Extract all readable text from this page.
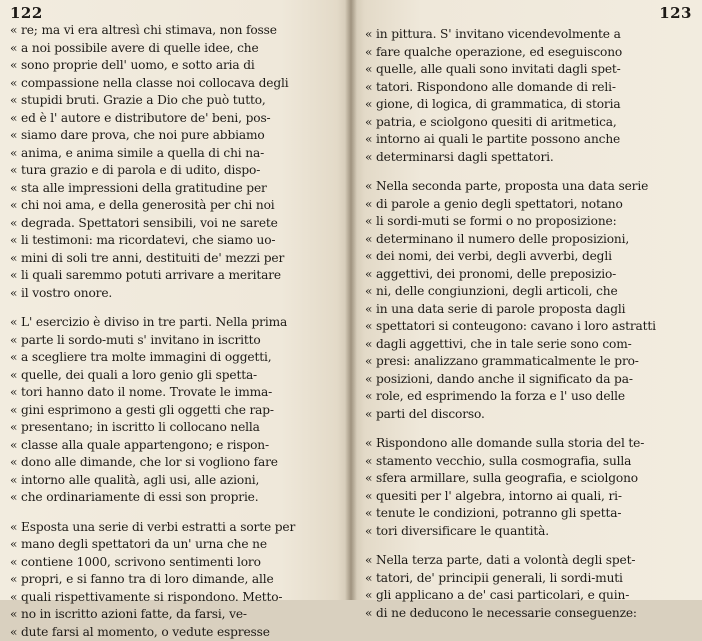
122
« re; ma vi era altresì chi stimava, non fosse
« a noi possibile avere di quelle idee, che
« sono proprie dell' uomo, e sotto aria di
« compassione nella classe noi collocava degli
« stupidi bruti. Grazie a Dio che può tutto,
« ed è l' autore e distributore de' beni, pos-
« siamo dare prova, che noi pure abbiamo
« anima, e anima simile a quella di chi na-
« tura grazio e di parola e di udito, dispo-
« sta alle impressioni della gratitudine per
« chi noi ama, e della generosità per chi noi
« degrada. Spettatori sensibili, voi ne sarete
« li testimoni: ma ricordatevi, che siamo uo-
« mini di soli tre anni, destituiti de' mezzi per
« li quali saremmo potuti arrivare a meritare
« il vostro onore.
« L' esercizio è diviso in tre parti. Nella prima
« parte li sordo-muti s' invitano in iscritto
« a scegliere tra molte immagini di oggetti,
« quelle, dei quali a loro genio gli spetta-
« tori hanno dato il nome. Trovate le imma-
« gini esprimono a gesti gli oggetti che rap-
« presentano; in iscritto li collocano nella
« classe alla quale appartengono; e rispon-
« dono alle dimande, che lor si vogliono fare
« intorno alle qualità, agli usi, alle azioni,
« che ordinariamente di essi son proprie.
« Esposta una serie di verbi estratti a sorte per
« mano degli spettatori da un' urna che ne
« contiene 1000, scrivono sentimenti loro
« propri, e si fanno tra di loro dimande, alle
« quali rispettivamente si rispondono. Metto-
« no in iscritto azioni fatte, da farsi, ve-
« dute farsi al momento, o vedute espresse
123
« in pittura. S' invitano vicendevolmente a
« fare qualche operazione, ed eseguiscono
« quelle, alle quali sono invitati dagli spet-
« tatori. Rispondono alle domande di reli-
« gione, di logica, di grammatica, di storia
« patria, e sciolgono quesiti di aritmetica,
« intorno ai quali le partite possono anche
« determinarsi dagli spettatori.
« Nella seconda parte, proposta una data serie
« di parole a genio degli spettatori, notano
« li sordi-muti se formi o no proposizione:
« determinano il numero delle proposizioni,
« dei nomi, dei verbi, degli avverbi, degli
« aggettivi, dei pronomi, delle preposizio-
« ni, delle congiunzioni, degli articoli, che
« in una data serie di parole proposta dagli
« spettatori si conteugono: cavano i loro astratti
« dagli aggettivi, che in tale serie sono com-
« presi: analizzano grammaticalmente le pro-
« posizioni, dando anche il significato da pa-
« role, ed esprimendo la forza e l' uso delle
« parti del discorso.
« Rispondono alle domande sulla storia del te-
« stamento vecchio, sulla cosmografia, sulla
« sfera armillare, sulla geografia, e sciolgono
« quesiti per l' algebra, intorno ai quali, ri-
« tenute le condizioni, potranno gli spetta-
« tori diversificare le quantità.
« Nella terza parte, dati a volontà degli spet-
« tatori, de' principii generali, li sordi-muti
« gli applicano a de' casi particolari, e quin-
« di ne deducono le necessarie conseguenze:
